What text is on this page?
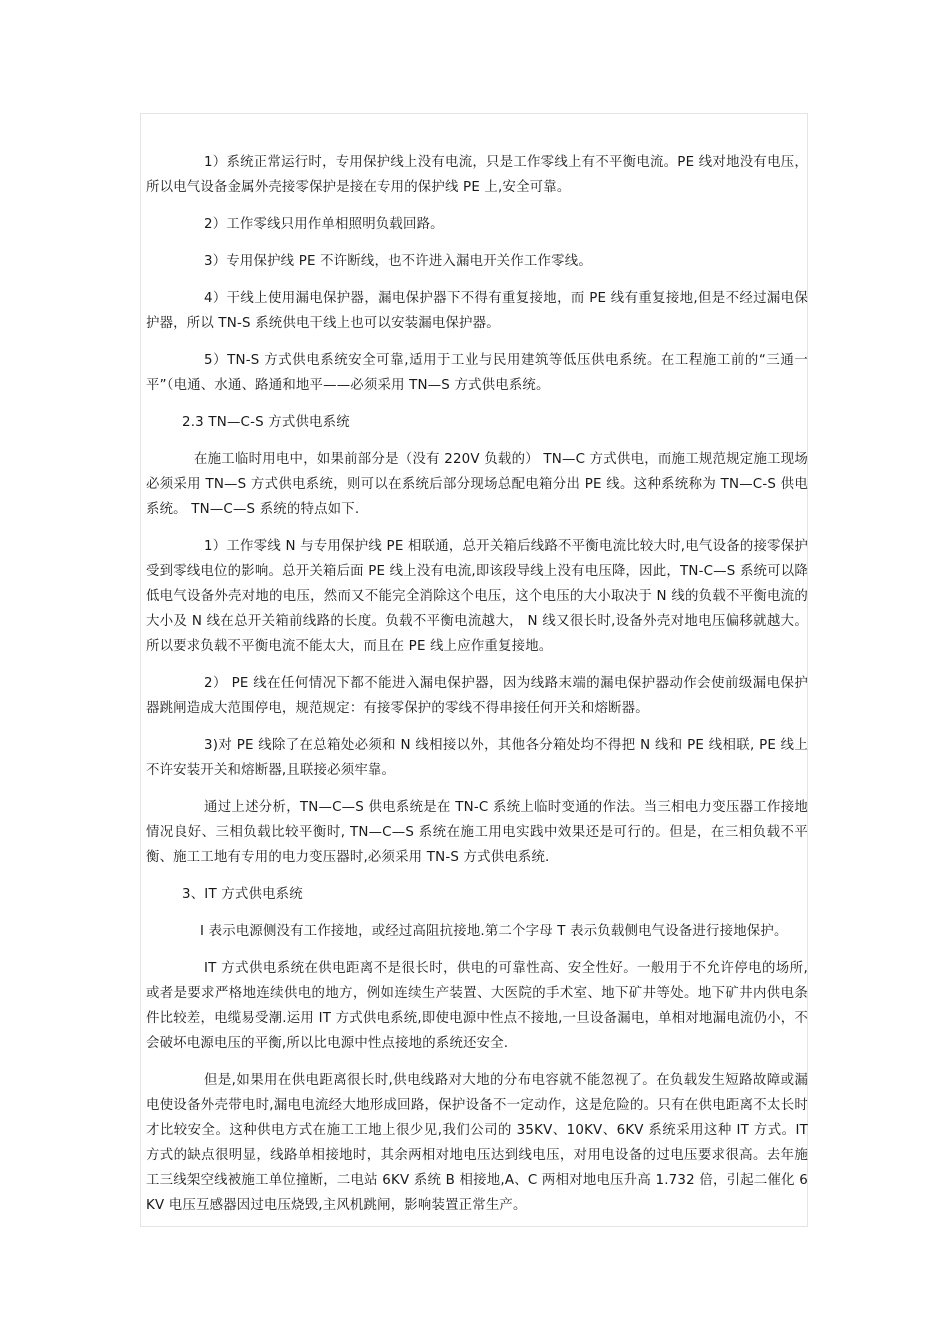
1）系统正常运行时，专用保护线上没有电流，只是工作零线上有不平衡电流。PE 线对地没有电压，所以电气设备金属外壳接零保护是接在专用的保护线 PE 上,安全可靠。

2）工作零线只用作单相照明负载回路。

3）专用保护线 PE 不许断线，也不许进入漏电开关作工作零线。

4）干线上使用漏电保护器，漏电保护器下不得有重复接地，而 PE 线有重复接地,但是不经过漏电保护器，所以 TN-S 系统供电干线上也可以安装漏电保护器。

5）TN-S 方式供电系统安全可靠,适用于工业与民用建筑等低压供电系统。在工程施工前的“三通一平”（电通、水通、路通和地平——必须采用 TN—S 方式供电系统。

2.3 TN—C-S 方式供电系统

在施工临时用电中，如果前部分是（没有 220V 负载的） TN—C 方式供电，而施工规范规定施工现场必须采用 TN—S 方式供电系统，则可以在系统后部分现场总配电箱分出 PE 线。这种系统称为 TN—C-S 供电系统。 TN—C—S 系统的特点如下.

1）工作零线 N 与专用保护线 PE 相联通，总开关箱后线路不平衡电流比较大时,电气设备的接零保护受到零线电位的影响。总开关箱后面 PE 线上没有电流,即该段导线上没有电压降，因此，TN-C—S 系统可以降低电气设备外壳对地的电压，然而又不能完全消除这个电压，这个电压的大小取决于 N 线的负载不平衡电流的大小及 N 线在总开关箱前线路的长度。负载不平衡电流越大， N 线又很长时,设备外壳对地电压偏移就越大。所以要求负载不平衡电流不能太大，而且在 PE 线上应作重复接地。

2） PE 线在任何情况下都不能进入漏电保护器，因为线路末端的漏电保护器动作会使前级漏电保护器跳闸造成大范围停电，规范规定：有接零保护的零线不得串接任何开关和熔断器。

3)对 PE 线除了在总箱处必须和 N 线相接以外，其他各分箱处均不得把 N 线和 PE 线相联, PE 线上不许安装开关和熔断器,且联接必须牢靠。

通过上述分析，TN—C—S 供电系统是在 TN-C 系统上临时变通的作法。当三相电力变压器工作接地情况良好、三相负载比较平衡时, TN—C—S 系统在施工用电实践中效果还是可行的。但是，在三相负载不平衡、施工工地有专用的电力变压器时,必须采用 TN-S 方式供电系统.

3、IT 方式供电系统

I 表示电源侧没有工作接地，或经过高阻抗接地.第二个字母 T 表示负载侧电气设备进行接地保护。

IT 方式供电系统在供电距离不是很长时，供电的可靠性高、安全性好。一般用于不允许停电的场所,或者是要求严格地连续供电的地方，例如连续生产装置、大医院的手术室、地下矿井等处。地下矿井内供电条件比较差，电缆易受潮.运用 IT 方式供电系统,即使电源中性点不接地,一旦设备漏电，单相对地漏电流仍小，不会破坏电源电压的平衡,所以比电源中性点接地的系统还安全.

但是,如果用在供电距离很长时,供电线路对大地的分布电容就不能忽视了。在负载发生短路故障或漏电使设备外壳带电时,漏电电流经大地形成回路，保护设备不一定动作，这是危险的。只有在供电距离不太长时才比较安全。这种供电方式在施工工地上很少见,我们公司的 35KV、10KV、6KV 系统采用这种 IT 方式。IT 方式的缺点很明显，线路单相接地时，其余两相对地电压达到线电压，对用电设备的过电压要求很高。去年施工三线架空线被施工单位撞断，二电站 6KV 系统 B 相接地,A、C 两相对地电压升高 1.732 倍，引起二催化 6KV 电压互感器因过电压烧毁,主风机跳闸，影响装置正常生产。
